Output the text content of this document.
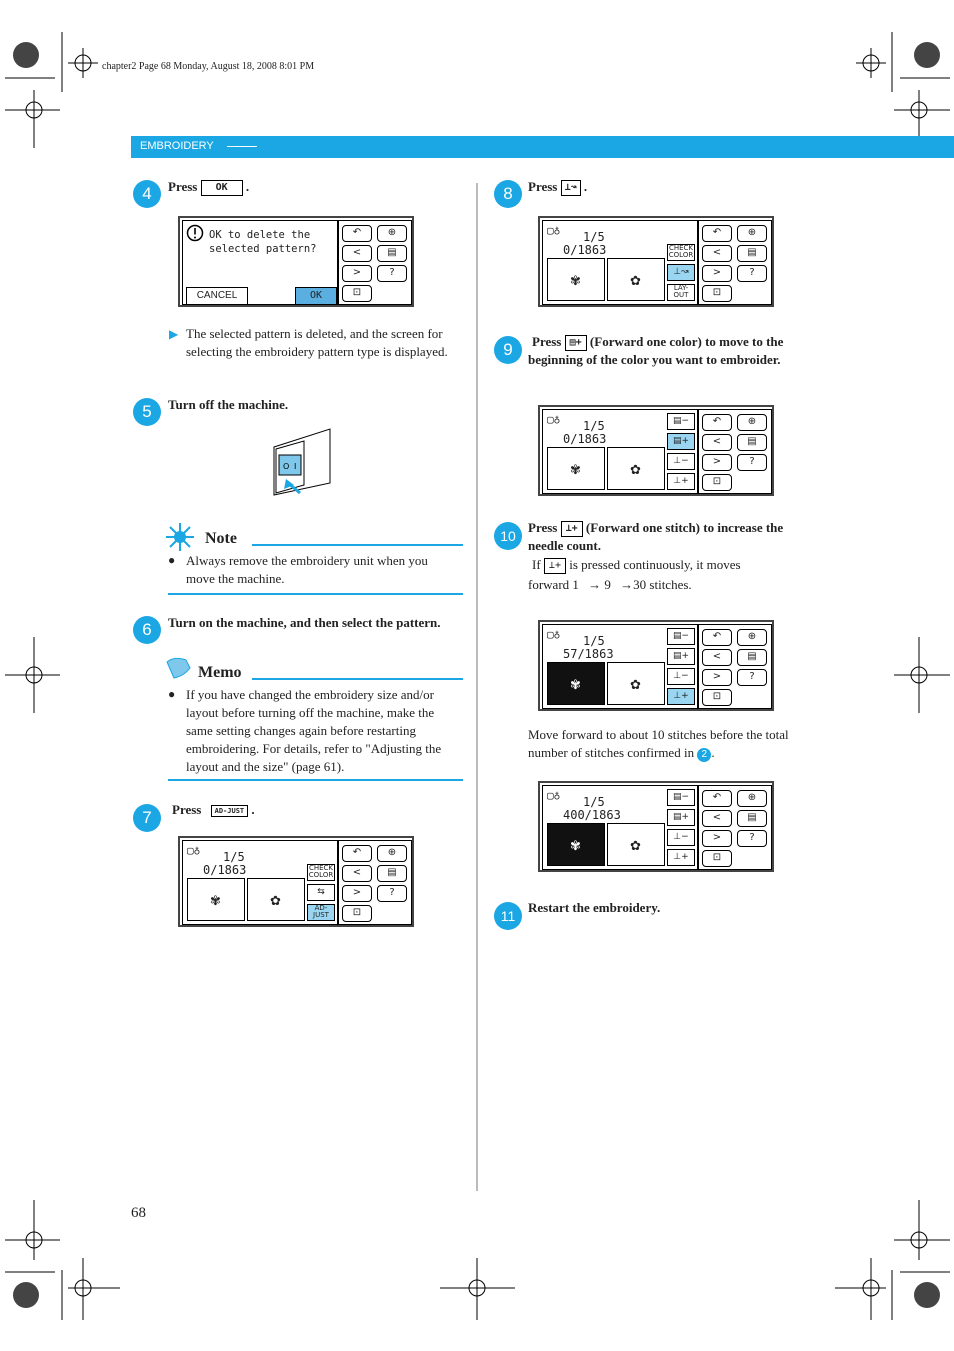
chapter2 Page 68 Monday, August 18, 2008 8:01 PM
EMBROIDERY
4	Press OK .
OK to delete the selected pattern?
CANCEL	OK
↶	⊕
<	▤
>	?
⊡
▶ The selected pattern is deleted, and the screen for selecting the embroidery pattern type is displayed.
5	Turn off the machine.
O I
Note
● Always remove the embroidery unit when you move the machine.
6	Turn on the machine, and then select the pattern.
Memo
● If you have changed the embroidery size and/or layout before turning off the machine, make the same setting changes again before restarting embroidering. For details, refer to "Adjusting the layout and the size" (page 61).
7	Press AD-JUST .
▢♁ 1/5
0/1863
✾	✿
CHECK COLOR
⇆
AD- JUST
↶	⊕
<	▤
>	?
⊡
8	Press ⊥↝ .
▢♁ 1/5
0/1863
✾	✿
CHECK COLOR
⊥↝
LAY- OUT
↶	⊕
<	▤
>	?
⊡
9	Press ▤+ (Forward one color) to move to the beginning of the color you want to embroider.
▢♁ 1/5
0/1863
✾	✿
▤−
▤+
⊥−
⊥+
↶	⊕
<	▤
>	?
⊡
10
Press ⊥+ (Forward one stitch) to increase the needle count.
If ⊥+ is pressed continuously, it moves
forward 1 → 9 →30 stitches.
▢♁ 1/5
57/1863
✾	✿
▤−
▤+
⊥−
⊥+
↶	⊕
<	▤
>	?
⊡
Move forward to about 10 stitches before the total number of stitches confirmed in 2 .
▢♁ 1/5
400/1863
✾	✿
▤−
▤+
⊥−
⊥+
↶	⊕
<	▤
>	?
⊡
11
Restart the embroidery.
68
